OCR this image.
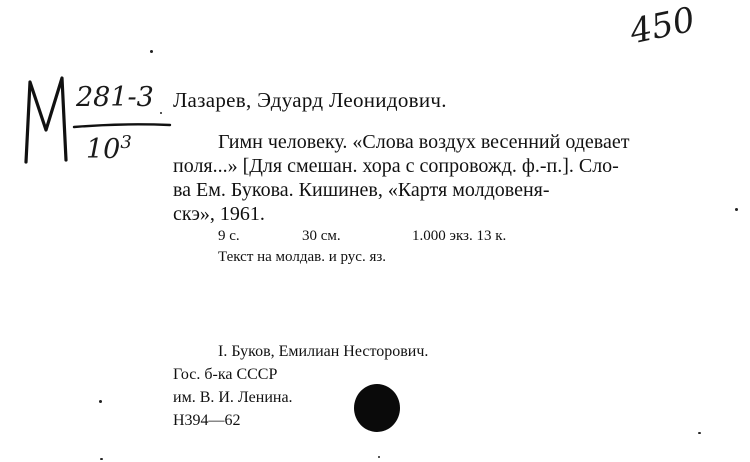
281-3
$10^3$
450
Лазарев, Эдуард Леонидович.
Гимн человеку. «Слова воздух весенний одевает
поля...» [Для смешан. хора с сопровожд. ф.-п.]. Сло-
ва Ем. Букова. Кишинев, «Картя молдовеня-
скэ», 1961.
9 с.	30 см.	1.000 экз. 13 к.
Текст на молдав. и рус. яз.
I. Буков, Емилиан Несторович.
Гос. б-ка СССР
им. В. И. Ленина.
Н394—62
